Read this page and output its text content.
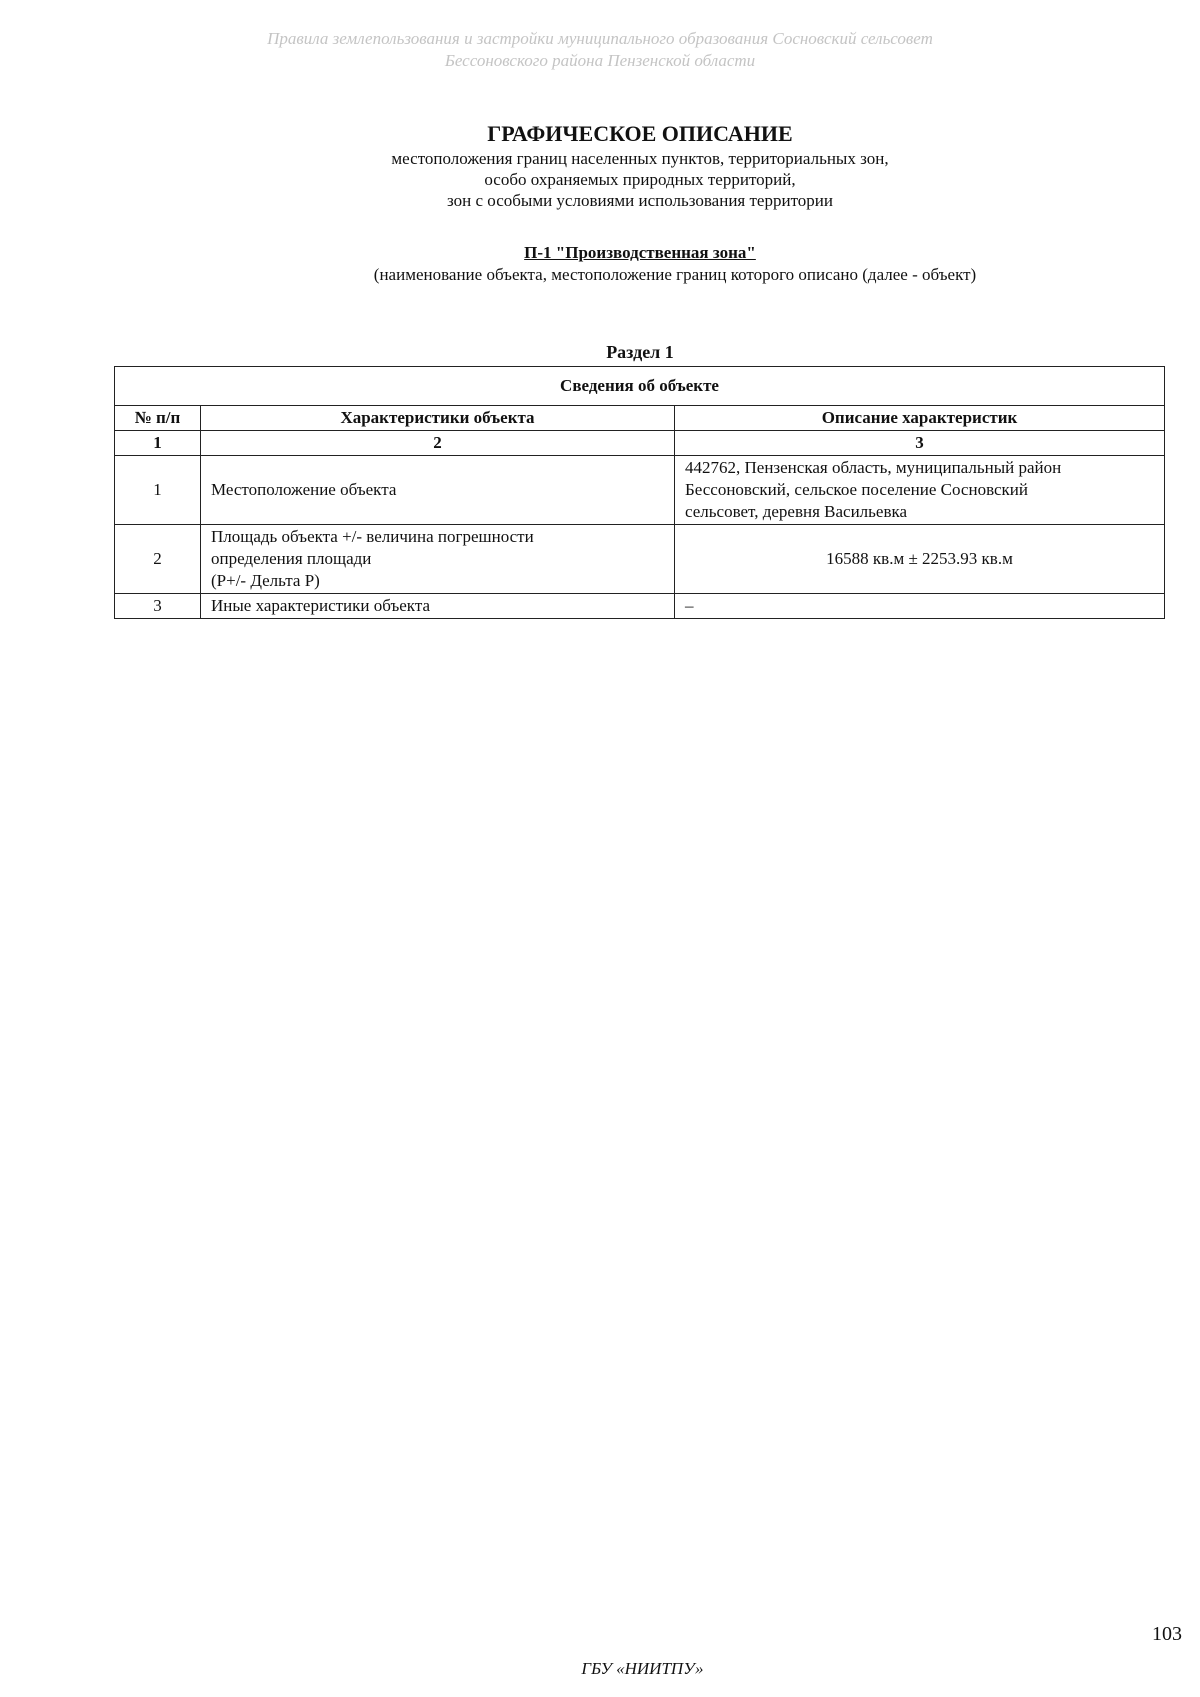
Правила землепользования и застройки муниципального образования Сосновский сельсовет
Бессоновского района Пензенской области
ГРАФИЧЕСКОЕ ОПИСАНИЕ
местоположения границ населенных пунктов, территориальных зон,
особо охраняемых природных территорий,
зон с особыми условиями использования территории
П-1 "Производственная зона"
(наименование объекта, местоположение границ которого описано (далее - объект)
Раздел 1
Сведения об объекте		
№ п/п	Характеристики объекта	Описание характеристик
1	2	3
1	Местоположение объекта	442762, Пензенская область, муниципальный район
Бессоновский, сельское поселение Сосновский
сельсовет, деревня Васильевка

2	Площадь объекта +/- величина погрешности
определения площади
(P+/- Дельта P)	16588 кв.м ± 2253.93 кв.м

3	Иные характеристики объекта	–
103
ГБУ «НИИТПУ»
